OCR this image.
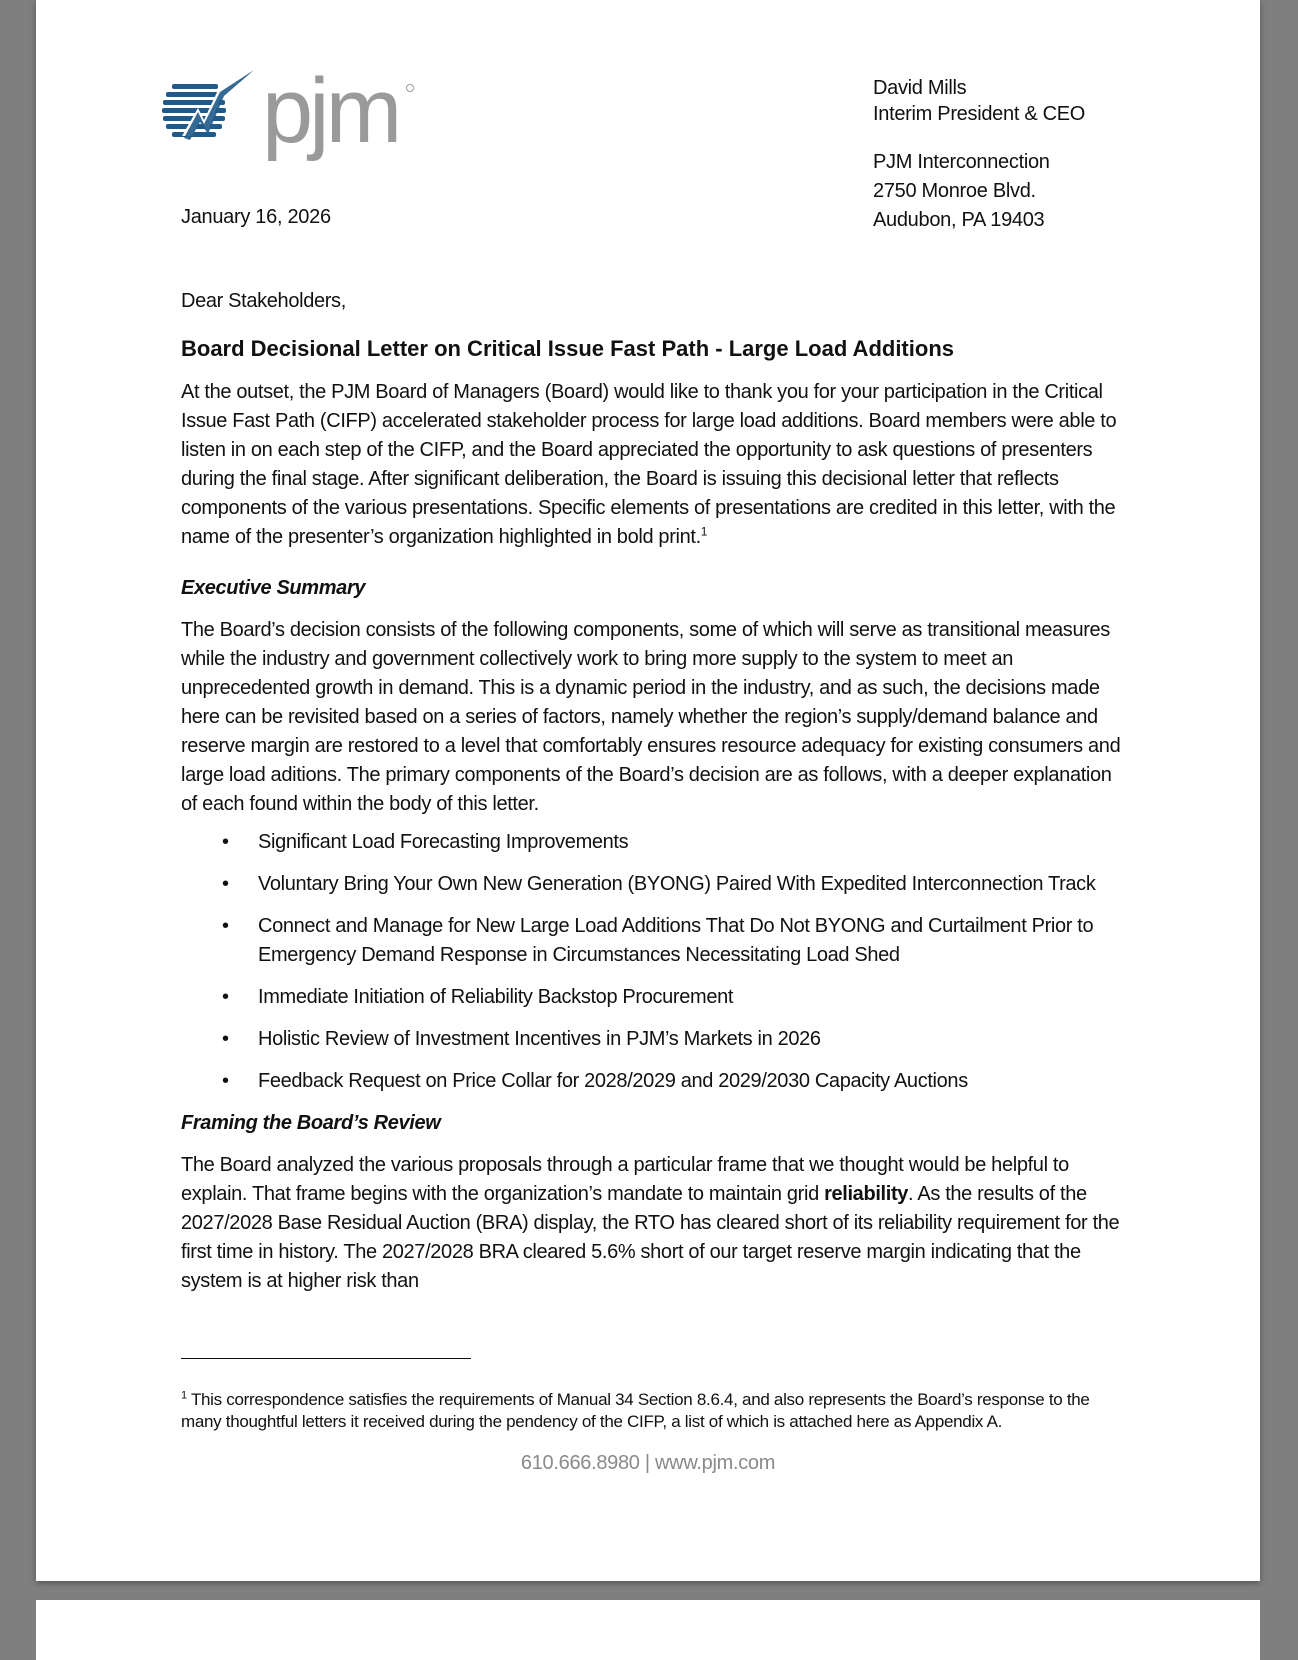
pjm	David Mills
Interim President & CEO
PJM Interconnection
2750 Monroe Blvd.
Audubon, PA 19403
January 16, 2026

Dear Stakeholders,

Board Decisional Letter on Critical Issue Fast Path - Large Load Additions

At the outset, the PJM Board of Managers (Board) would like to thank you for your participation in the Critical Issue Fast Path (CIFP) accelerated stakeholder process for large load additions. Board members were able to listen in on each step of the CIFP, and the Board appreciated the opportunity to ask questions of presenters during the final stage. After significant deliberation, the Board is issuing this decisional letter that reflects components of the various presentations. Specific elements of presentations are credited in this letter, with the name of the presenter’s organization highlighted in bold print.$^1$

Executive Summary

The Board’s decision consists of the following components, some of which will serve as transitional measures while the industry and government collectively work to bring more supply to the system to meet an unprecedented growth in demand. This is a dynamic period in the industry, and as such, the decisions made here can be revisited based on a series of factors, namely whether the region’s supply/demand balance and reserve margin are restored to a level that comfortably ensures resource adequacy for existing consumers and large load aditions. The primary components of the Board’s decision are as follows, with a deeper explanation of each found within the body of this letter.

• Significant Load Forecasting Improvements
• Voluntary Bring Your Own New Generation (BYONG) Paired With Expedited Interconnection Track
• Connect and Manage for New Large Load Additions That Do Not BYONG and Curtailment Prior to Emergency Demand Response in Circumstances Necessitating Load Shed
• Immediate Initiation of Reliability Backstop Procurement
• Holistic Review of Investment Incentives in PJM’s Markets in 2026
• Feedback Request on Price Collar for 2028/2029 and 2029/2030 Capacity Auctions

Framing the Board’s Review

The Board analyzed the various proposals through a particular frame that we thought would be helpful to explain. That frame begins with the organization’s mandate to maintain grid reliability. As the results of the 2027/2028 Base Residual Auction (BRA) display, the RTO has cleared short of its reliability requirement for the first time in history. The 2027/2028 BRA cleared 5.6% short of our target reserve margin indicating that the system is at higher risk than

$^1$ This correspondence satisfies the requirements of Manual 34 Section 8.6.4, and also represents the Board’s response to the many thoughtful letters it received during the pendency of the CIFP, a list of which is attached here as Appendix A.
610.666.8980 | www.pjm.com
